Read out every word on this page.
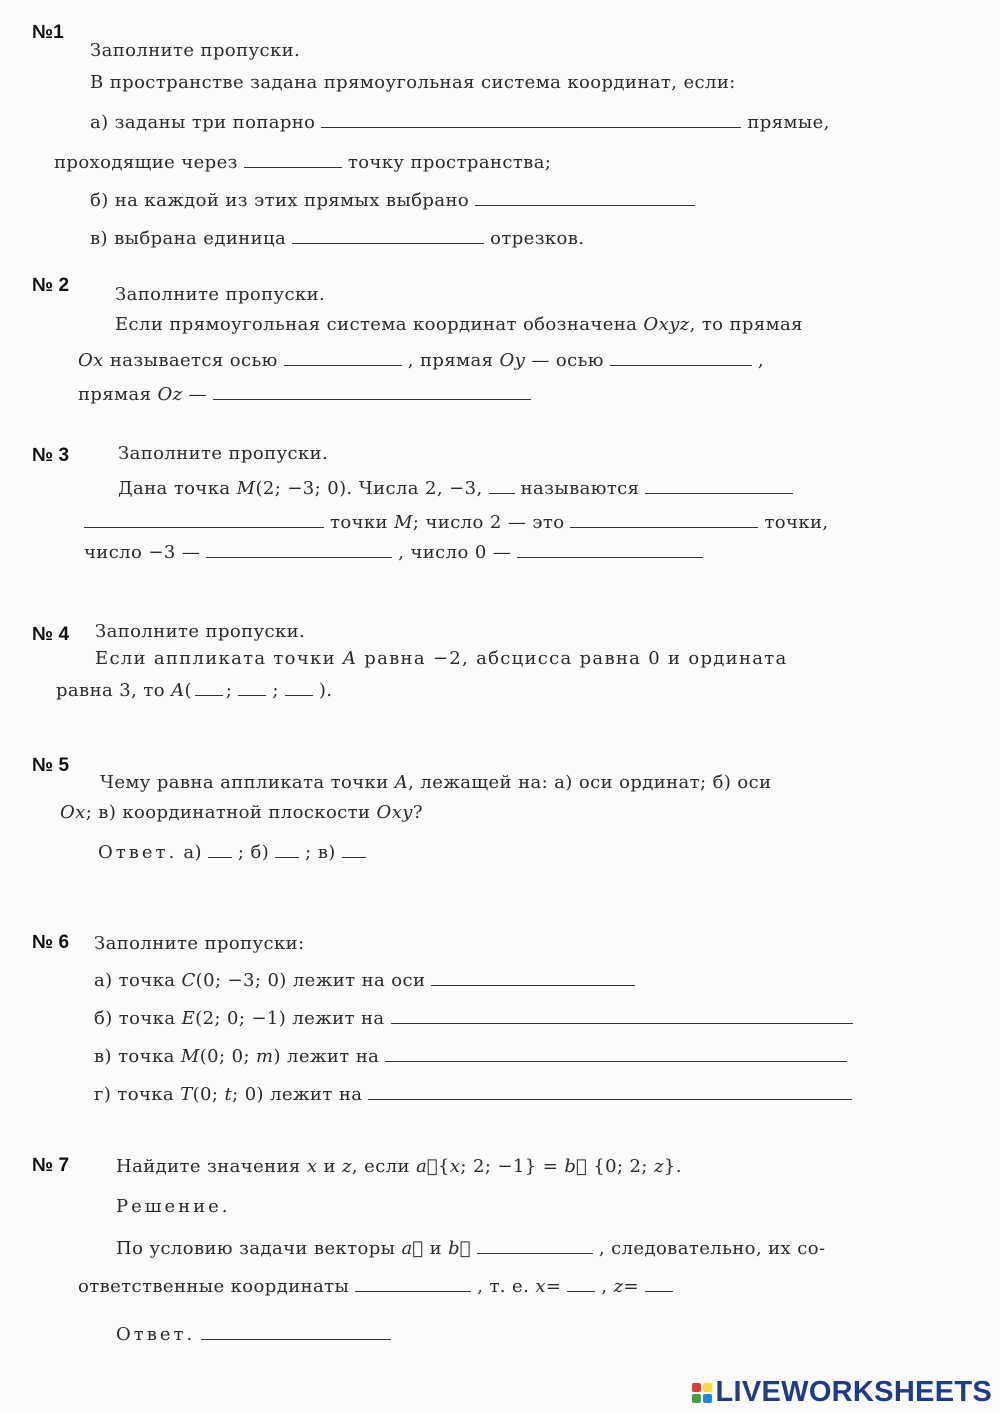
№1
Заполните пропуски.
В пространстве задана прямоугольная система координат, если:
а) заданы три попарно	прямые,
проходящие через	точку пространства;
б) на каждой из этих прямых выбрано
в) выбрана единица	отрезков.
№ 2	Заполните пропуски.
Если прямоугольная система координат обозначена Oxyz, то прямая
Ox называется осью	, прямая Oy — осью	,
прямая Oz —
№ 3	Заполните пропуски.
Дана точка M(2; −3; 0). Числа 2, −3, называются
точки M; число 2 — это	точки,
число −3 —	, число 0 —
№ 4 Заполните пропуски.
Если аппликата точки A равна −2, абсцисса равна 0 и ордината
равна 3, то A( ; ; ).
№ 5
Чему равна аппликата точки A, лежащей на: а) оси ординат; б) оси
Ox; в) координатной плоскости Oxy?
Ответ. а) ; б) ; в)
№ 6 Заполните пропуски:
а) точка C(0; −3; 0) лежит на оси
б) точка E(2; 0; −1) лежит на
в) точка M(0; 0; m) лежит на
г) точка T(0; t; 0) лежит на
№ 7	Найдите значения x и z, если a⃗{x; 2; −1} = b⃗ {0; 2; z}.
Решение.
По условию задачи векторы a⃗ и b⃗	, следовательно, их со-
ответственные координаты	, т. е. x= , z=
Ответ.
LIVEWORKSHEETS
